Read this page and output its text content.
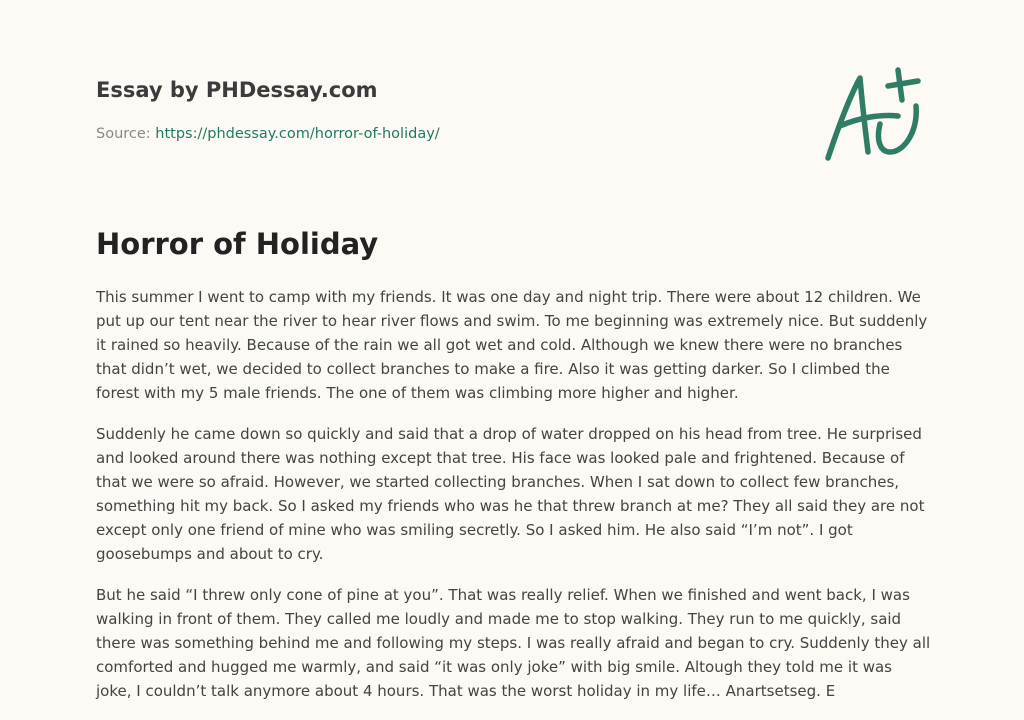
Essay by PHDessay.com
Source: https://phdessay.com/horror-of-holiday/
Horror of Holiday

This summer I went to camp with my friends. It was one day and night trip. There were about 12 children. We put up our tent near the river to hear river flows and swim. To me beginning was extremely nice. But suddenly it rained so heavily. Because of the rain we all got wet and cold. Although we knew there were no branches that didn’t wet, we decided to collect branches to make a fire. Also it was getting darker. So I climbed the forest with my 5 male friends. The one of them was climbing more higher and higher.

Suddenly he came down so quickly and said that a drop of water dropped on his head from tree. He surprised and looked around there was nothing except that tree. His face was looked pale and frightened. Because of that we were so afraid. However, we started collecting branches. When I sat down to collect few branches, something hit my back. So I asked my friends who was he that threw branch at me? They all said they are not except only one friend of mine who was smiling secretly. So I asked him. He also said “I’m not”. I got goosebumps and about to cry.

But he said “I threw only cone of pine at you”. That was really relief. When we finished and went back, I was walking in front of them. They called me loudly and made me to stop walking. They run to me quickly, said there was something behind me and following my steps. I was really afraid and began to cry. Suddenly they all comforted and hugged me warmly, and said “it was only joke” with big smile. Altough they told me it was joke, I couldn’t talk anymore about 4 hours. That was the worst holiday in my life… Anartsetseg. E
